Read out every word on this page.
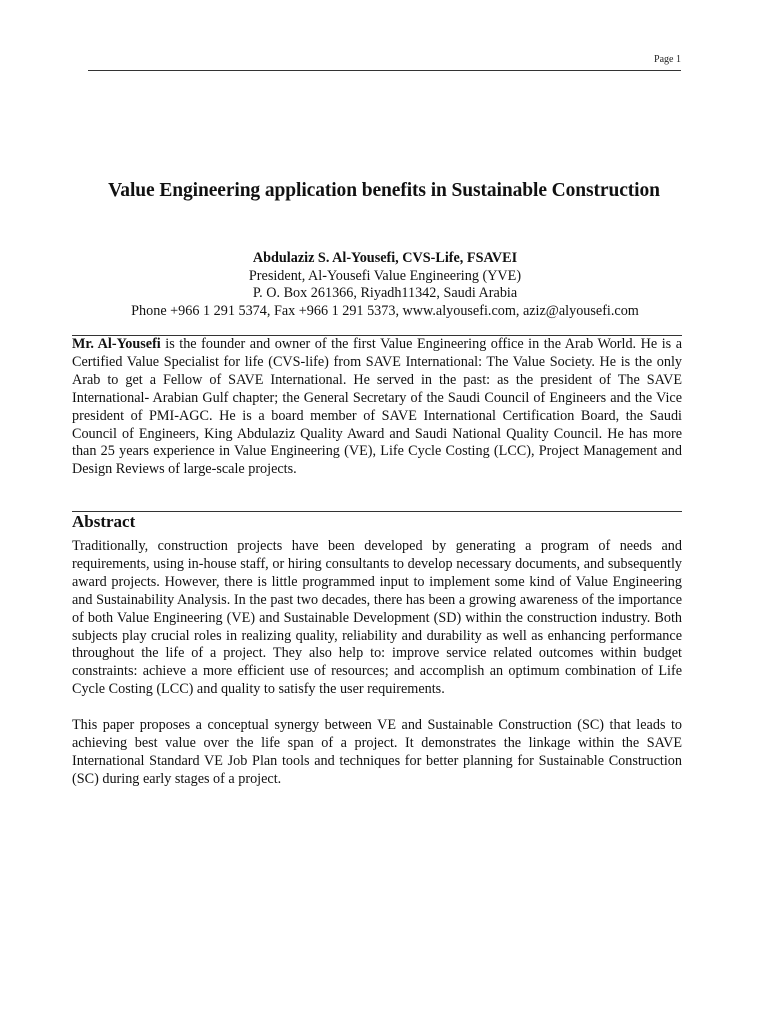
Page 1
Value Engineering application benefits in Sustainable Construction
Abdulaziz S. Al-Yousefi, CVS-Life, FSAVEI
President, Al-Yousefi Value Engineering (YVE)
P. O. Box 261366, Riyadh11342, Saudi Arabia
Phone +966 1 291 5374, Fax +966 1 291 5373, www.alyousefi.com, aziz@alyousefi.com

Mr. Al-Yousefi is the founder and owner of the first Value Engineering office in the Arab World. He is a Certified Value Specialist for life (CVS-life) from SAVE International: The Value Society. He is the only Arab to get a Fellow of SAVE International. He served in the past: as the president of The SAVE International- Arabian Gulf chapter; the General Secretary of the Saudi Council of Engineers and the Vice president of PMI-AGC. He is a board member of SAVE International Certification Board, the Saudi Council of Engineers, King Abdulaziz Quality Award and Saudi National Quality Council. He has more than 25 years experience in Value Engineering (VE), Life Cycle Costing (LCC), Project Management and Design Reviews of large-scale projects.

Abstract

Traditionally, construction projects have been developed by generating a program of needs and requirements, using in-house staff, or hiring consultants to develop necessary documents, and subsequently award projects. However, there is little programmed input to implement some kind of Value Engineering and Sustainability Analysis. In the past two decades, there has been a growing awareness of the importance of both Value Engineering (VE) and Sustainable Development (SD) within the construction industry. Both subjects play crucial roles in realizing quality, reliability and durability as well as enhancing performance throughout the life of a project. They also help to: improve service related outcomes within budget constraints: achieve a more efficient use of resources; and accomplish an optimum combination of Life Cycle Costing (LCC) and quality to satisfy the user requirements.

This paper proposes a conceptual synergy between VE and Sustainable Construction (SC) that leads to achieving best value over the life span of a project. It demonstrates the linkage within the SAVE International Standard VE Job Plan tools and techniques for better planning for Sustainable Construction (SC) during early stages of a project.
